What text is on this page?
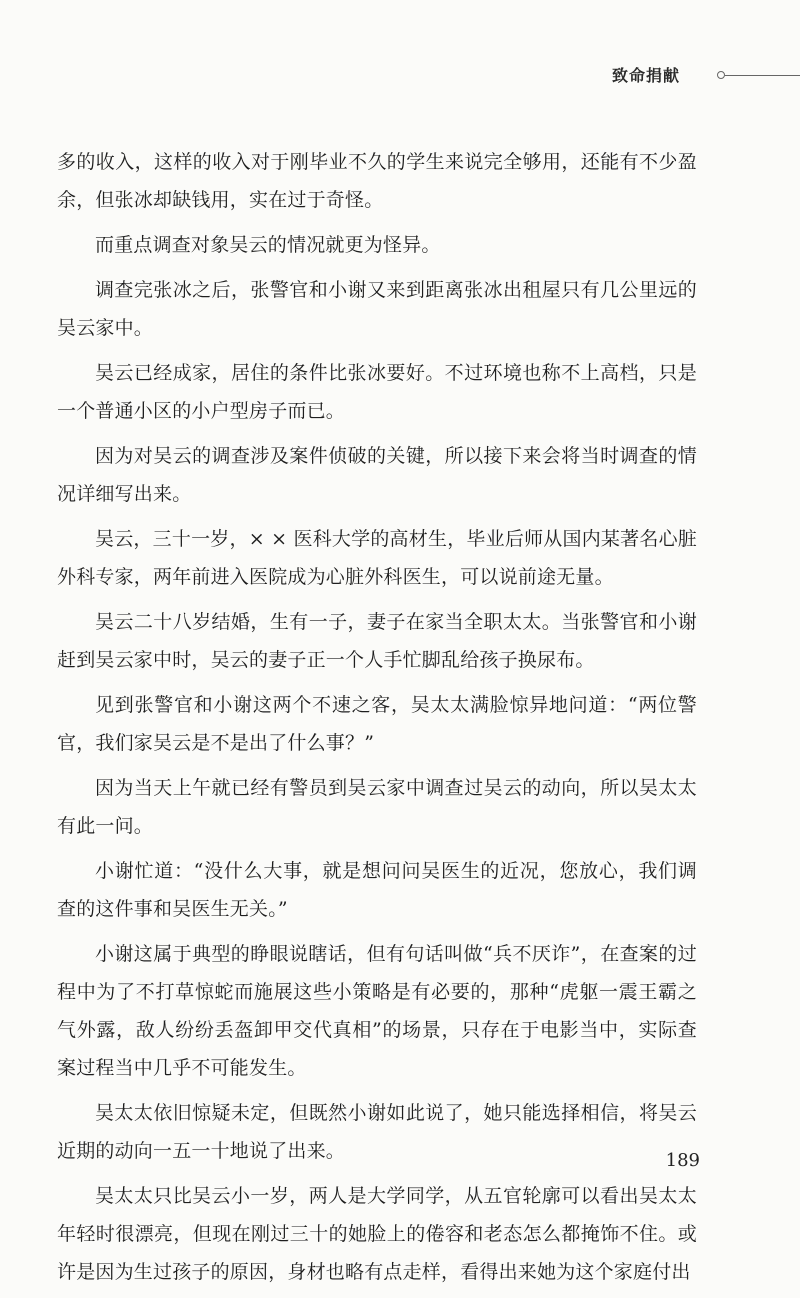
致命捐献

多的收入，这样的收入对于刚毕业不久的学生来说完全够用，还能有不少盈余，但张冰却缺钱用，实在过于奇怪。

而重点调查对象吴云的情况就更为怪异。

调查完张冰之后，张警官和小谢又来到距离张冰出租屋只有几公里远的吴云家中。

吴云已经成家，居住的条件比张冰要好。不过环境也称不上高档，只是一个普通小区的小户型房子而已。

因为对吴云的调查涉及案件侦破的关键，所以接下来会将当时调查的情况详细写出来。

吴云，三十一岁，× × 医科大学的高材生，毕业后师从国内某著名心脏外科专家，两年前进入医院成为心脏外科医生，可以说前途无量。

吴云二十八岁结婚，生有一子，妻子在家当全职太太。当张警官和小谢赶到吴云家中时，吴云的妻子正一个人手忙脚乱给孩子换尿布。

见到张警官和小谢这两个不速之客，吴太太满脸惊异地问道：“两位警官，我们家吴云是不是出了什么事？”

因为当天上午就已经有警员到吴云家中调查过吴云的动向，所以吴太太有此一问。

小谢忙道：“没什么大事，就是想问问吴医生的近况，您放心，我们调查的这件事和吴医生无关。”

小谢这属于典型的睁眼说瞎话，但有句话叫做“兵不厌诈”，在查案的过程中为了不打草惊蛇而施展这些小策略是有必要的，那种“虎躯一震王霸之气外露，敌人纷纷丢盔卸甲交代真相”的场景，只存在于电影当中，实际查案过程当中几乎不可能发生。

吴太太依旧惊疑未定，但既然小谢如此说了，她只能选择相信，将吴云近期的动向一五一十地说了出来。

吴太太只比吴云小一岁，两人是大学同学，从五官轮廓可以看出吴太太年轻时很漂亮，但现在刚过三十的她脸上的倦容和老态怎么都掩饰不住。或许是因为生过孩子的原因，身材也略有点走样，看得出来她为这个家庭付出

189
